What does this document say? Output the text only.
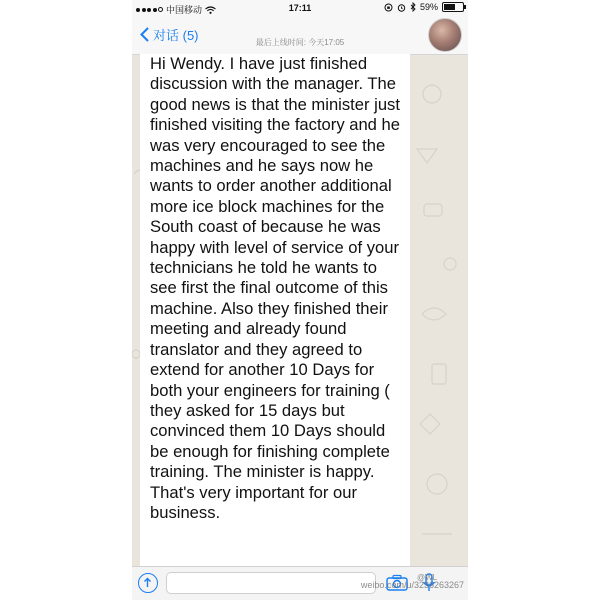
中国移动	17:11	59%
对话 (5)	最后上线时间: 今天17:05

Hi Wendy. I have just finished discussion with the manager. The good news is that the minister just finished visiting the factory and he was very encouraged to see the machines and he says now he wants to order another additional more ice block machines for the South coast of because he was happy with level of service of your technicians he told he wants to see first the final outcome of this machine. Also they finished their meeting and already found translator and they agreed to extend for another 10 Days for both your engineers for training ( they asked for 15 days but convinced them 10 Days should be enough for finishing complete training. The minister is happy. That's very important for our business.

@WL
weibo.com/u/3236263267
